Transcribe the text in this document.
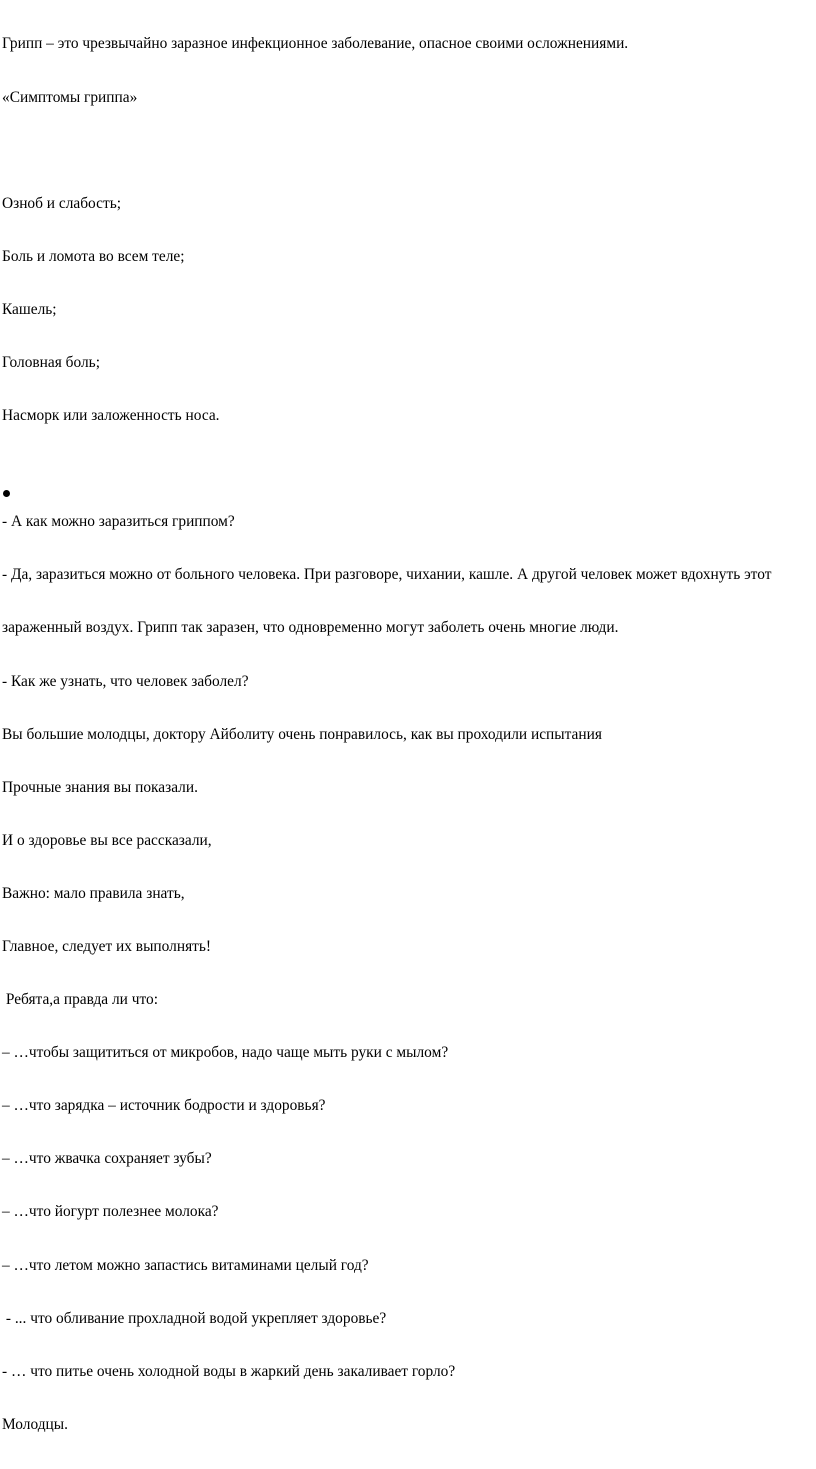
Грипп – это чрезвычайно заразное инфекционное заболевание, опасное своими осложнениями.

«Симптомы гриппа»

Озноб и слабость;

Боль и ломота во всем теле;

Кашель;

Головная боль;

Насморк или заложенность носа.

- А как можно заразиться гриппом?

- Да, заразиться можно от больного человека. При разговоре, чихании, кашле. А другой человек может вдохнуть этот

зараженный воздух. Грипп так заразен, что одновременно могут заболеть очень многие люди.

- Как же узнать, что человек заболел?

Вы большие молодцы, доктору Айболиту очень понравилось, как вы проходили испытания

Прочные знания вы показали.

И о здоровье вы все рассказали,

Важно: мало правила знать,

Главное, следует их выполнять!

Ребята,а правда ли что:

– …чтобы защититься от микробов, надо чаще мыть руки с мылом?

– …что зарядка – источник бодрости и здоровья?

– …что жвачка сохраняет зубы?

– …что йогурт полезнее молока?

– …что летом можно запастись витаминами целый год?

- ... что обливание прохладной водой укрепляет здоровье?

- … что питье очень холодной воды в жаркий день закаливает горло?

Молодцы.
